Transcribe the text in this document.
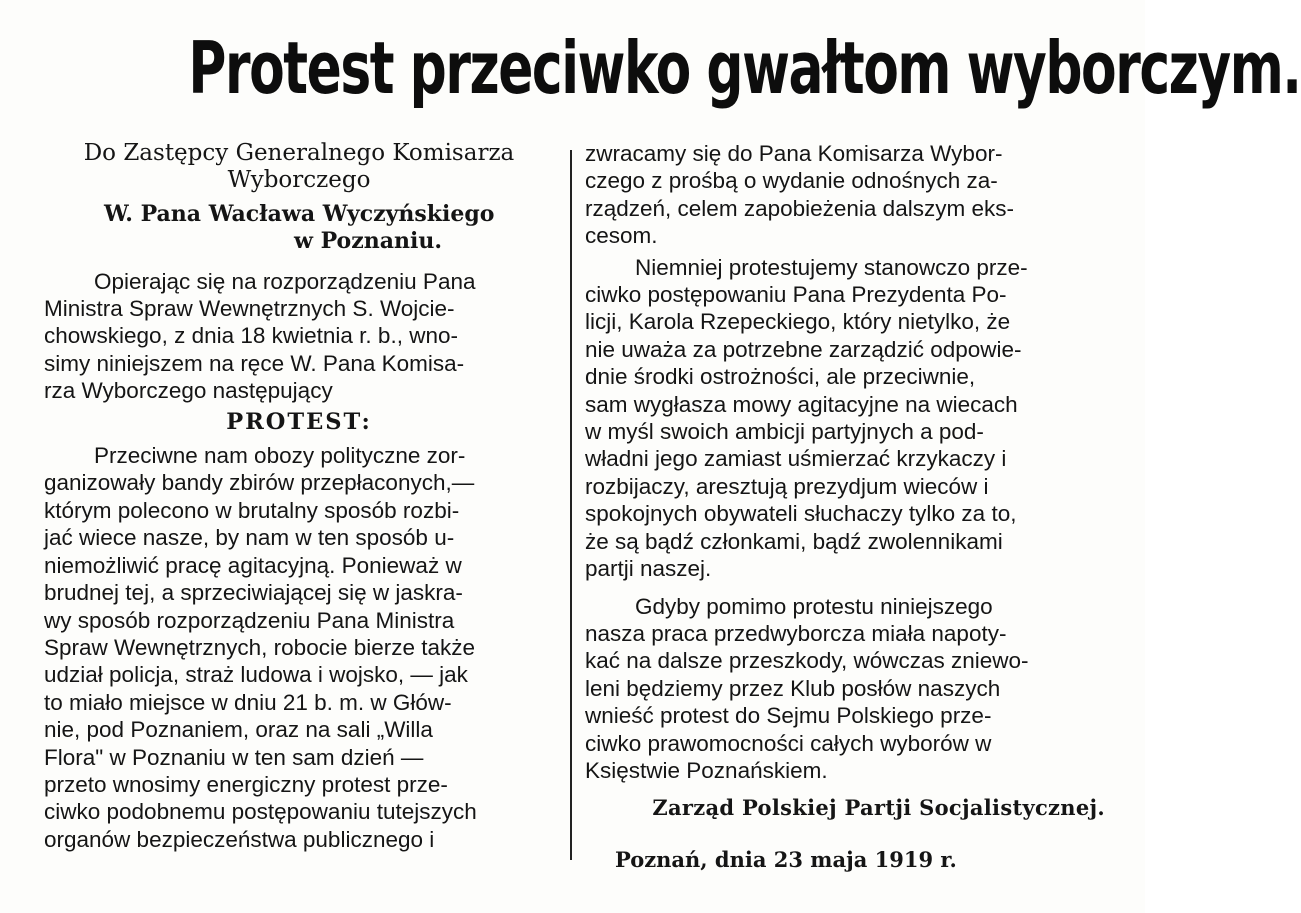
Protest przeciwko gwałtom wyborczym.
Do Zastępcy Generalnego Komisarza
Wyborczego
W. Pana Wacława Wyczyńskiego
w Poznaniu.
Opierając się na rozporządzeniu Pana
Ministra Spraw Wewnętrznych S. Wojcie-
chowskiego, z dnia 18 kwietnia r. b., wno-
simy niniejszem na ręce W. Pana Komisa-
rza Wyborczego następujący
PROTEST:
Przeciwne nam obozy polityczne zor-
ganizowały bandy zbirów przepłaconych,—
którym polecono w brutalny sposób rozbi-
jać wiece nasze, by nam w ten sposób u-
niemożliwić pracę agitacyjną. Ponieważ w
brudnej tej, a sprzeciwiającej się w jaskra-
wy sposób rozporządzeniu Pana Ministra
Spraw Wewnętrznych, robocie bierze także
udział policja, straż ludowa i wojsko, — jak
to miało miejsce w dniu 21 b. m. w Głów-
nie, pod Poznaniem, oraz na sali „Willa
Flora" w Poznaniu w ten sam dzień —
przeto wnosimy energiczny protest prze-
ciwko podobnemu postępowaniu tutejszych
organów bezpieczeństwa publicznego i
zwracamy się do Pana Komisarza Wybor-
czego z prośbą o wydanie odnośnych za-
rządzeń, celem zapobieżenia dalszym eks-
cesom.
Niemniej protestujemy stanowczo prze-
ciwko postępowaniu Pana Prezydenta Po-
licji, Karola Rzepeckiego, który nietylko, że
nie uważa za potrzebne zarządzić odpowie-
dnie środki ostrożności, ale przeciwnie,
sam wygłasza mowy agitacyjne na wiecach
w myśl swoich ambicji partyjnych a pod-
władni jego zamiast uśmierzać krzykaczy i
rozbijaczy, aresztują prezydjum wieców i
spokojnych obywateli słuchaczy tylko za to,
że są bądź członkami, bądź zwolennikami
partji naszej.
Gdyby pomimo protestu niniejszego
nasza praca przedwyborcza miała napoty-
kać na dalsze przeszkody, wówczas zniewo-
leni będziemy przez Klub posłów naszych
wnieść protest do Sejmu Polskiego prze-
ciwko prawomocności całych wyborów w
Księstwie Poznańskiem.
Zarząd Polskiej Partji Socjalistycznej.
Poznań, dnia 23 maja 1919 r.
